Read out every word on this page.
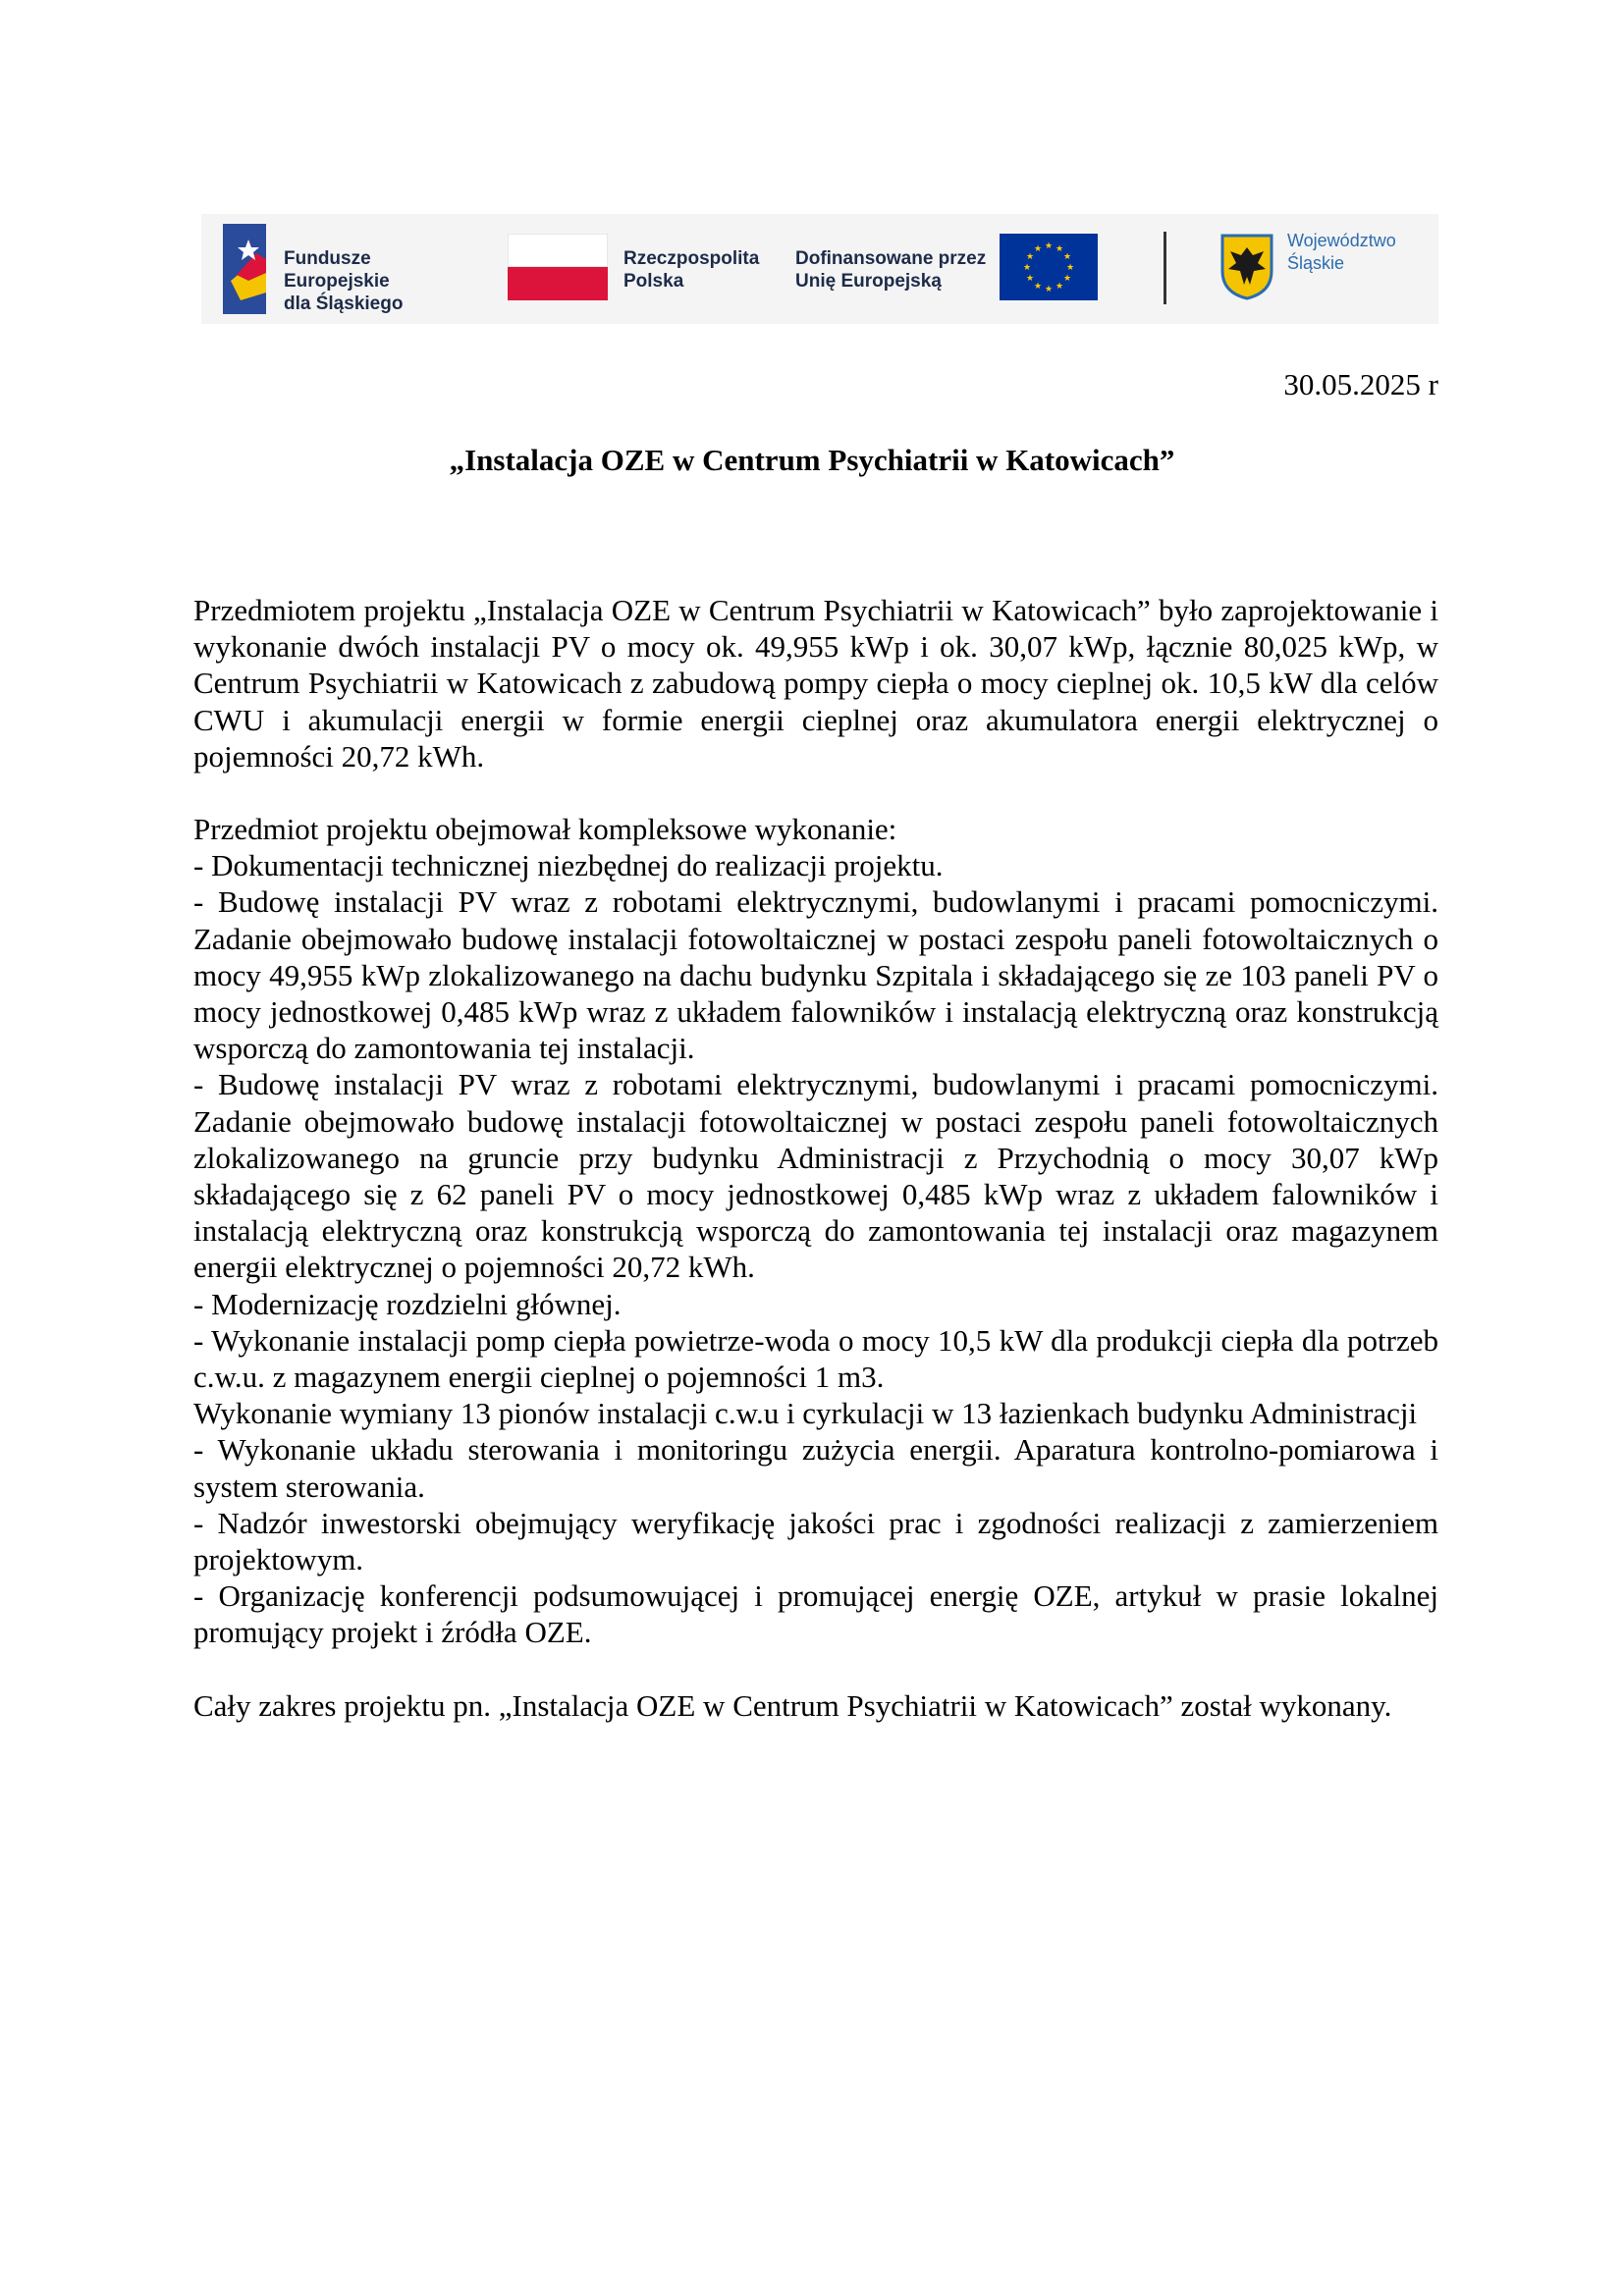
Fundusze Europejskie
dla Śląskiego
Rzeczpospolita
Polska
Dofinansowane przez
Unię Europejską
★ ★
★
★
★
★
★
★
★
★
★
★	Województwo
Śląskie
30.05.2025 r
„Instalacja OZE w Centrum Psychiatrii w Katowicach”

Przedmiotem projektu „Instalacja OZE w Centrum Psychiatrii w Katowicach” było zaprojektowanie i wykonanie dwóch instalacji PV o mocy ok. 49,955 kWp i ok. 30,07 kWp, łącznie 80,025 kWp, w Centrum Psychiatrii w Katowicach z zabudową pompy ciepła o mocy cieplnej ok. 10,5 kW dla celów CWU i akumulacji energii w formie energii cieplnej oraz akumulatora energii elektrycznej o pojemności 20,72 kWh.

Przedmiot projektu obejmował kompleksowe wykonanie:

- Dokumentacji technicznej niezbędnej do realizacji projektu.

- Budowę instalacji PV wraz z robotami elektrycznymi, budowlanymi i pracami pomocniczymi. Zadanie obejmowało budowę instalacji fotowoltaicznej w postaci zespołu paneli fotowoltaicznych o mocy 49,955 kWp zlokalizowanego na dachu budynku Szpitala i składającego się ze 103 paneli PV o mocy jednostkowej 0,485 kWp wraz z układem falowników i instalacją elektryczną oraz konstrukcją wsporczą do zamontowania tej instalacji.

- Budowę instalacji PV wraz z robotami elektrycznymi, budowlanymi i pracami pomocniczymi. Zadanie obejmowało budowę instalacji fotowoltaicznej w postaci zespołu paneli fotowoltaicznych zlokalizowanego na gruncie przy budynku Administracji z Przychodnią o mocy 30,07 kWp składającego się z 62 paneli PV o mocy jednostkowej 0,485 kWp wraz z układem falowników i instalacją elektryczną oraz konstrukcją wsporczą do zamontowania tej instalacji oraz magazynem energii elektrycznej o pojemności 20,72 kWh.

- Modernizację rozdzielni głównej.

- Wykonanie instalacji pomp ciepła powietrze-woda o mocy 10,5 kW dla produkcji ciepła dla potrzeb c.w.u. z magazynem energii cieplnej o pojemności 1 m3.

Wykonanie wymiany 13 pionów instalacji c.w.u i cyrkulacji w 13 łazienkach budynku Administracji

- Wykonanie układu sterowania i monitoringu zużycia energii. Aparatura kontrolno-pomiarowa i system sterowania.

- Nadzór inwestorski obejmujący weryfikację jakości prac i zgodności realizacji z zamierzeniem projektowym.

- Organizację konferencji podsumowującej i promującej energię OZE, artykuł w prasie lokalnej promujący projekt i źródła OZE.

Cały zakres projektu pn. „Instalacja OZE w Centrum Psychiatrii w Katowicach” został wykonany.
